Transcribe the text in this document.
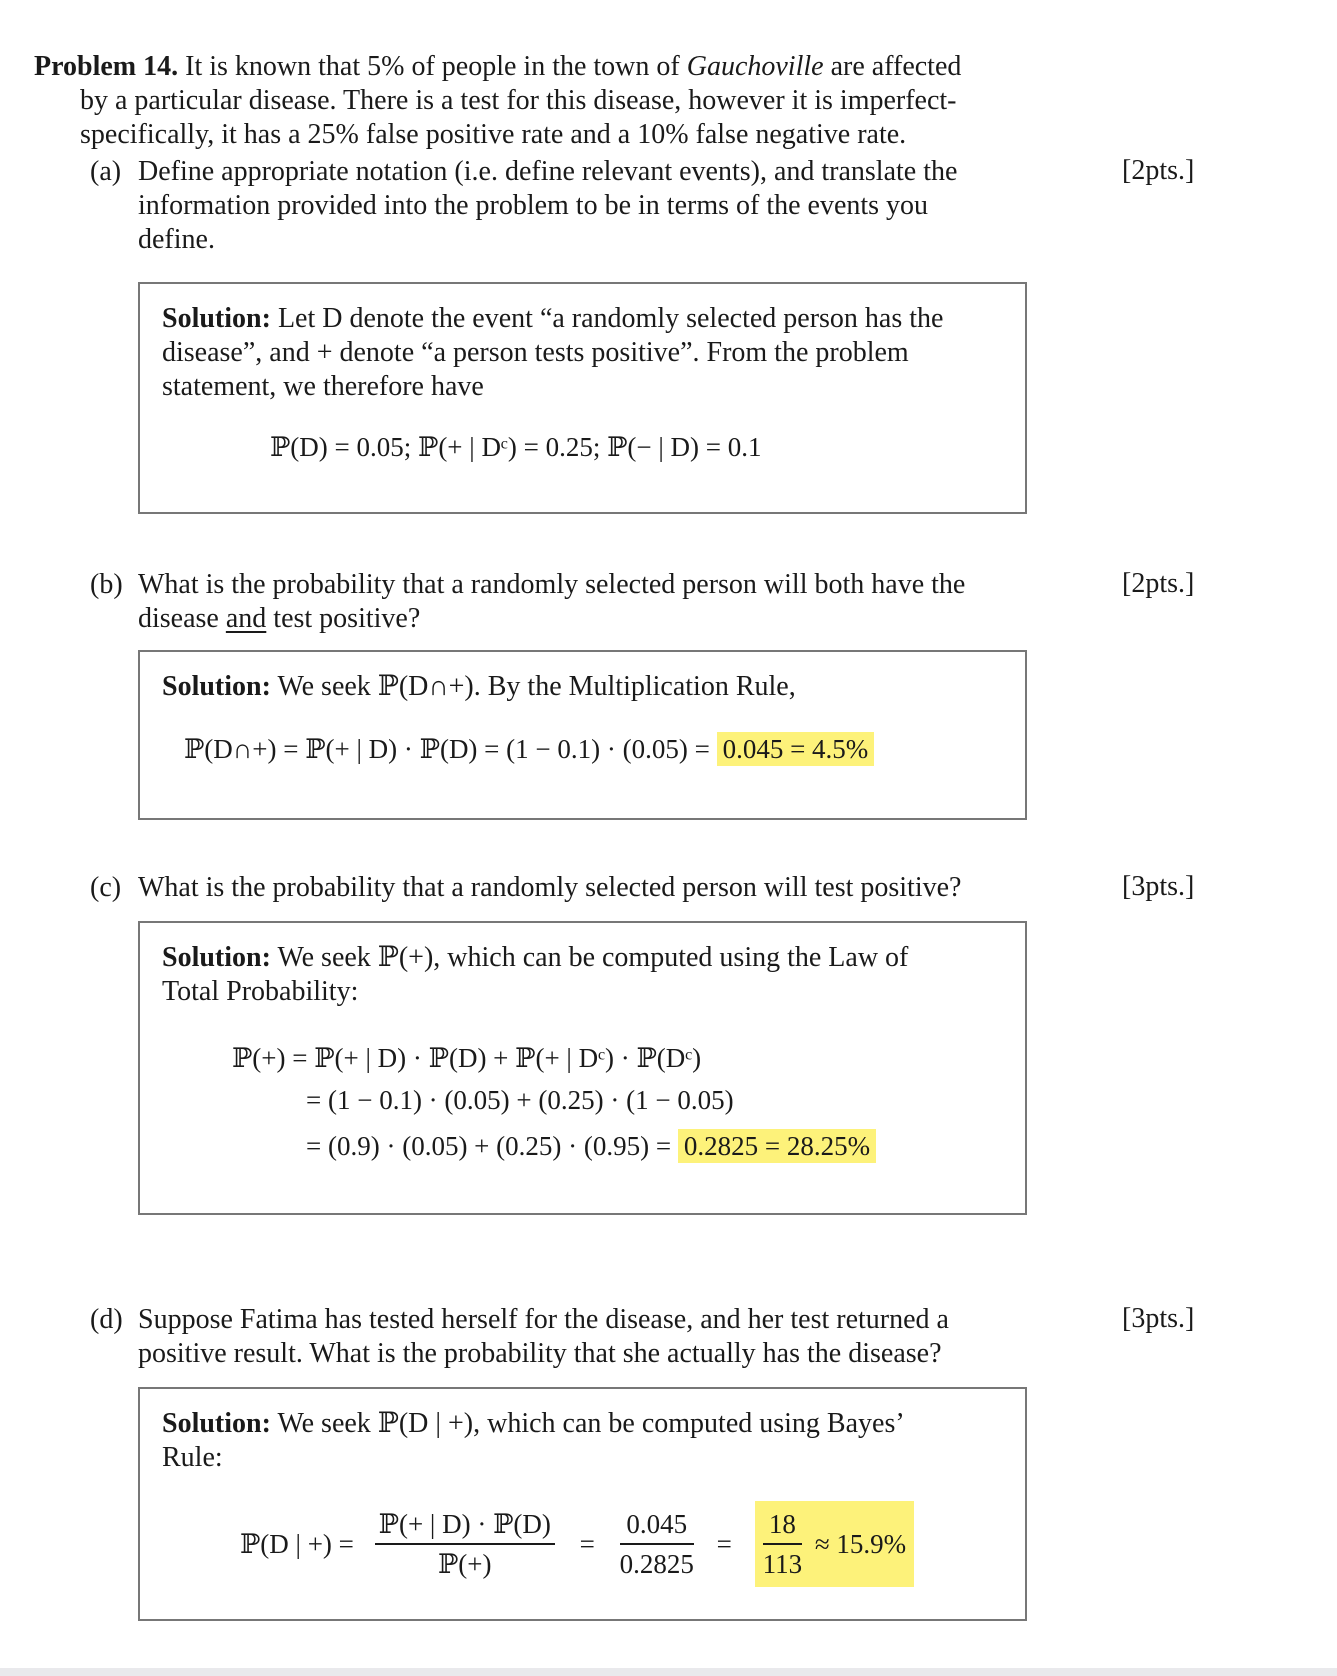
Problem 14. It is known that 5% of people in the town of Gauchoville are affected

by a particular disease. There is a test for this disease, however it is imperfect-

specifically, it has a 25% false positive rate and a 10% false negative rate.

(a) Define appropriate notation (i.e. define relevant events), and translate the
information provided into the problem to be in terms of the events you
define.
[2pts.]
Solution: Let D denote the event “a randomly selected person has the
disease”, and + denote “a person tests positive”. From the problem
statement, we therefore have
ℙ(D) = 0.05; ℙ(+ | Dᶜ) = 0.25; ℙ(− | D) = 0.1
(b) What is the probability that a randomly selected person will both have the
disease and test positive?
[2pts.]
Solution: We seek ℙ(D∩+). By the Multiplication Rule,
ℙ(D∩+) = ℙ(+ | D) · ℙ(D) = (1 − 0.1) · (0.05) = 0.045 = 4.5%
(c) What is the probability that a randomly selected person will test positive?	[3pts.]
Solution: We seek ℙ(+), which can be computed using the Law of
Total Probability:
ℙ(+) = ℙ(+ | D) · ℙ(D) + ℙ(+ | Dᶜ) · ℙ(Dᶜ)
= (1 − 0.1) · (0.05) + (0.25) · (1 − 0.05)
= (0.9) · (0.05) + (0.25) · (0.95) = 0.2825 = 28.25%
(d) Suppose Fatima has tested herself for the disease, and her test returned a
positive result. What is the probability that she actually has the disease?
[3pts.]
Solution: We seek ℙ(D | +), which can be computed using Bayes’
Rule:
ℙ(D | +) = $\frac{\text{ℙ(+ | D) · ℙ(D)}}{\text{ℙ(+)}} = \frac{0.045}{0.2825} = \frac{18}{113} \approx 15.9\%$
